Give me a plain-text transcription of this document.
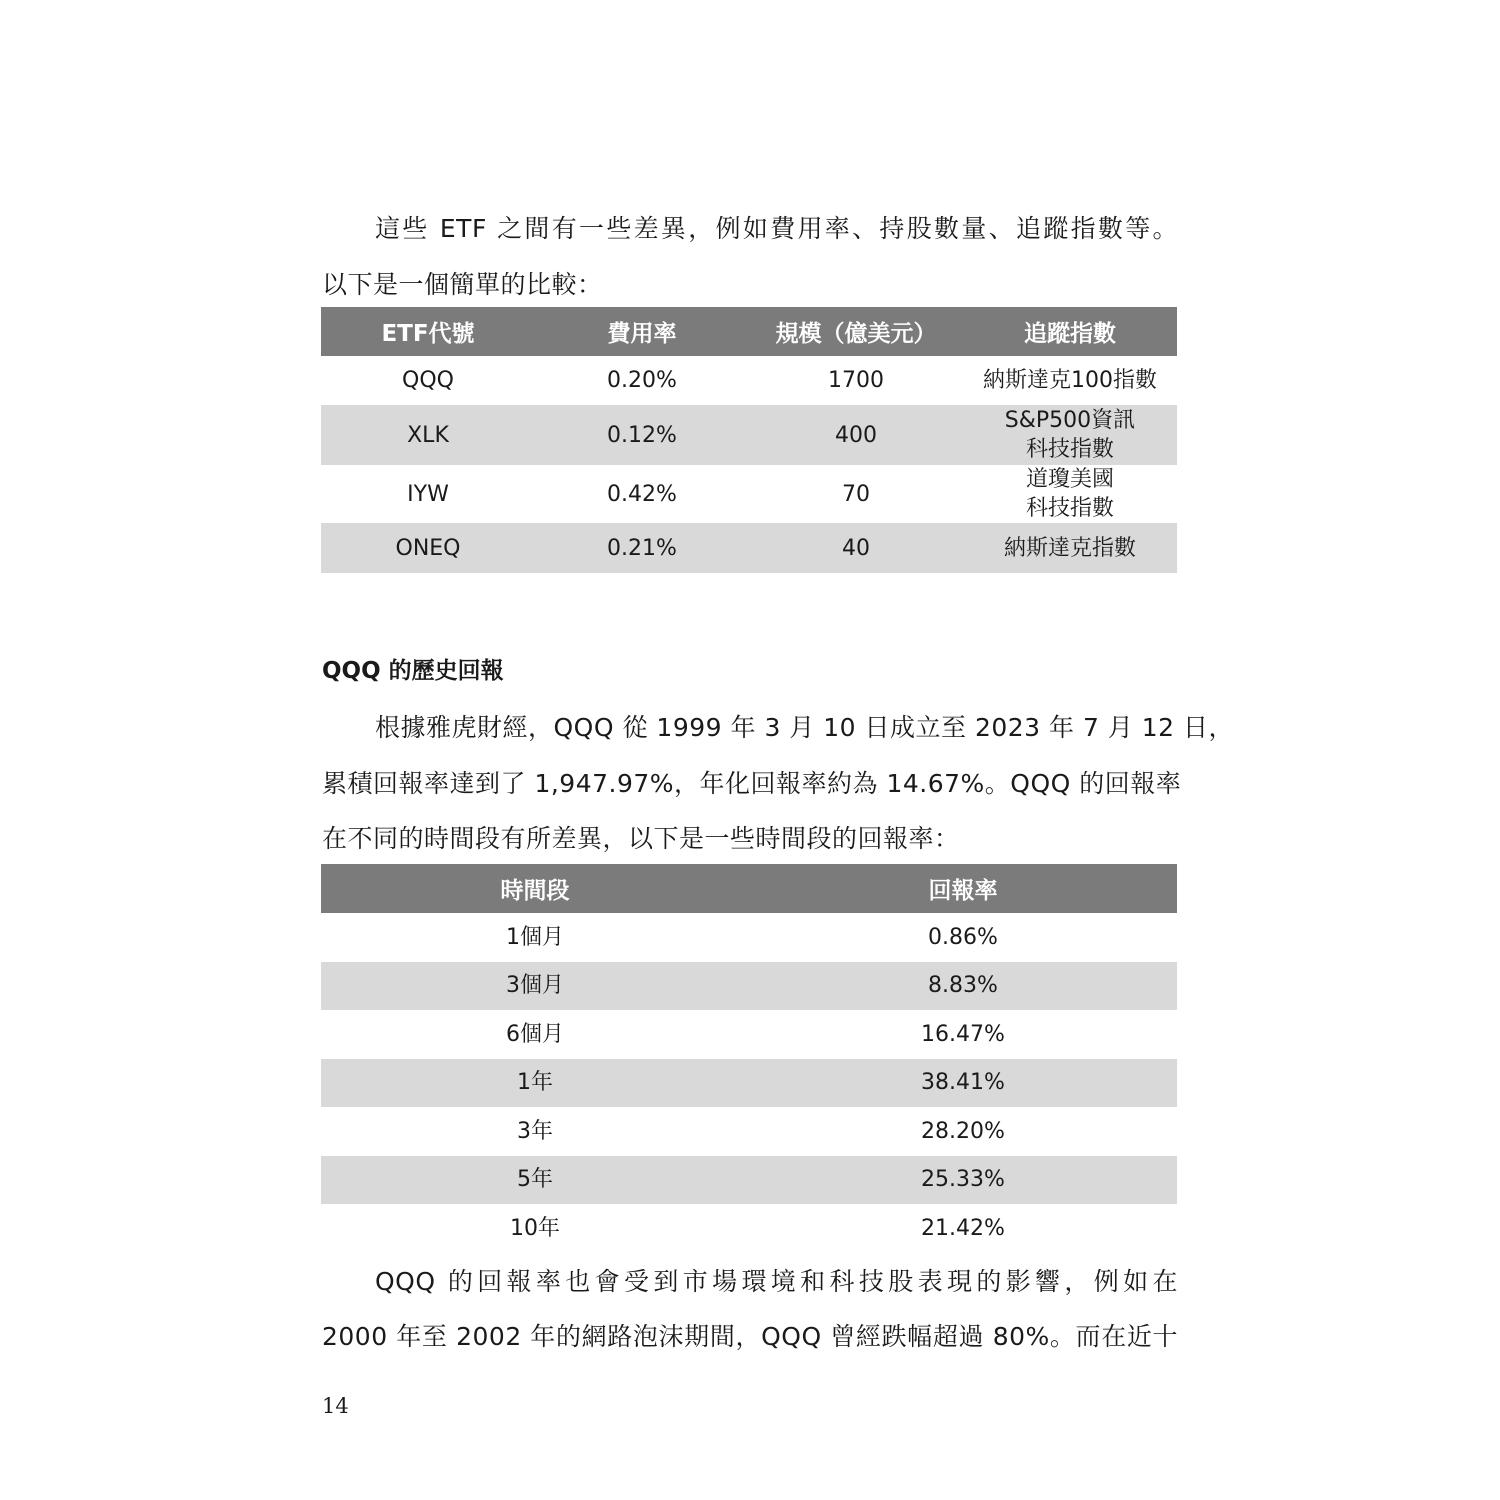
這些 ETF 之間有一些差異，例如費用率、持股數量、追蹤指數等。
以下是一個簡單的比較：
ETF代號	費用率	規模（億美元）	追蹤指數
QQQ	0.20%	1700	納斯達克100指數
XLK	0.12%	400	S&P500資訊
科技指數
IYW	0.42%	70	道瓊美國
科技指數
ONEQ	0.21%	40	納斯達克指數
QQQ 的歷史回報
根據雅虎財經，QQQ 從 1999 年 3 月 10 日成立至 2023 年 7 月 12 日，
累積回報率達到了 1,947.97%，年化回報率約為 14.67%。QQQ 的回報率
在不同的時間段有所差異，以下是一些時間段的回報率：
時間段	回報率
1個月	0.86%
3個月	8.83%
6個月	16.47%
1年	38.41%
3年	28.20%
5年	25.33%
10年	21.42%
QQQ 的回報率也會受到市場環境和科技股表現的影響，例如在
2000 年至 2002 年的網路泡沫期間，QQQ 曾經跌幅超過 80%。而在近十
14
